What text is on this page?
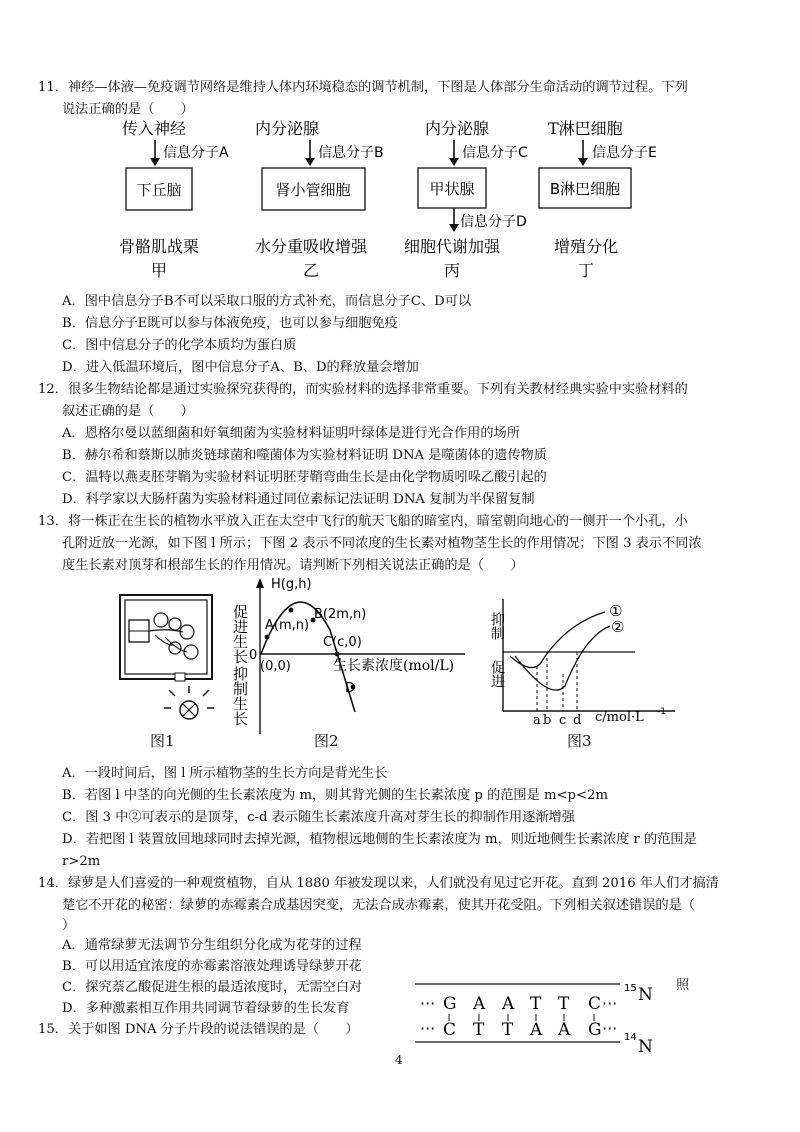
11．神经—体液—免疫调节网络是维持人体内环境稳态的调节机制，下图是人体部分生命活动的调节过程。下列
说法正确的是（　　）
传入神经
信息分子A
下丘脑
骨骼肌战栗
甲
内分泌腺
信息分子B
肾小管细胞
水分重吸收增强
乙
内分泌腺
信息分子C
甲状腺
信息分子D
细胞代谢加强
丙
T淋巴细胞
信息分子E
B淋巴细胞
增殖分化
丁
A．图中信息分子B不可以采取口服的方式补充，而信息分子C、D可以
B．信息分子E既可以参与体液免疫，也可以参与细胞免疫
C．图中信息分子的化学本质均为蛋白质
D．进入低温环境后，图中信息分子A、B、D的释放量会增加
12．很多生物结论都是通过实验探究获得的，而实验材料的选择非常重要。下列有关教材经典实验中实验材料的
叙述正确的是（　　）
A．恩格尔曼以蓝细菌和好氧细菌为实验材料证明叶绿体是进行光合作用的场所
B．赫尔希和蔡斯以肺炎链球菌和噬菌体为实验材料证明 DNA 是噬菌体的遗传物质
C．温特以燕麦胚芽鞘为实验材料证明胚芽鞘弯曲生长是由化学物质吲哚乙酸引起的
D．科学家以大肠杆菌为实验材料通过同位素标记法证明 DNA 复制为半保留复制
13．将一株正在生长的植物水平放入正在太空中飞行的航天飞船的暗室内，暗室朝向地心的一侧开一个小孔，小
孔附近放一光源，如下图 l 所示；下图 2 表示不同浓度的生长素对植物茎生长的作用情况；下图 3 表示不同浓
度生长素对顶芽和根部生长的作用情况。请判断下列相关说法正确的是（　　）
图1
促进生长 0
抑制生长
H(g,h)
A(m,n)
B(2m,n)
C(c,0)
(0,0)
D
生长素浓度(mol/L)
图2
抑制
促进
a b c d c/mol·L -1
①
②
图3
A．一段时间后，图 l 所示植物茎的生长方向是背光生长
B．若图 l 中茎的向光侧的生长素浓度为 m，则其背光侧的生长素浓度 p 的范围是 m<p<2m
C．图 3 中②可表示的是顶芽，c-d 表示随生长素浓度升高对芽生长的抑制作用逐渐增强
D．若把图 l 装置放回地球同时去掉光源，植物根远地侧的生长素浓度为 m，则近地侧生长素浓度 r 的范围是
r>2m
14．绿萝是人们喜爱的一种观赏植物，自从 1880 年被发现以来，人们就没有见过它开花。直到 2016 年人们才搞清
楚它不开花的秘密：绿萝的赤霉素合成基因突变，无法合成赤霉素，使其开花受阻。下列相关叙述错误的是（
）
A．通常绿萝无法调节分生组织分化成为花芽的过程
B．可以用适宜浓度的赤霉素溶液处理诱导绿萝开花
C．探究萘乙酸促进生根的最适浓度时，无需空白对	照
D．多种激素相互作用共同调节着绿萝的生长发育
15．关于如图 DNA 分子片段的说法错误的是（　　）
···
···
G A A T T C ···
C T T A A G ···
15 N
14 N
4
